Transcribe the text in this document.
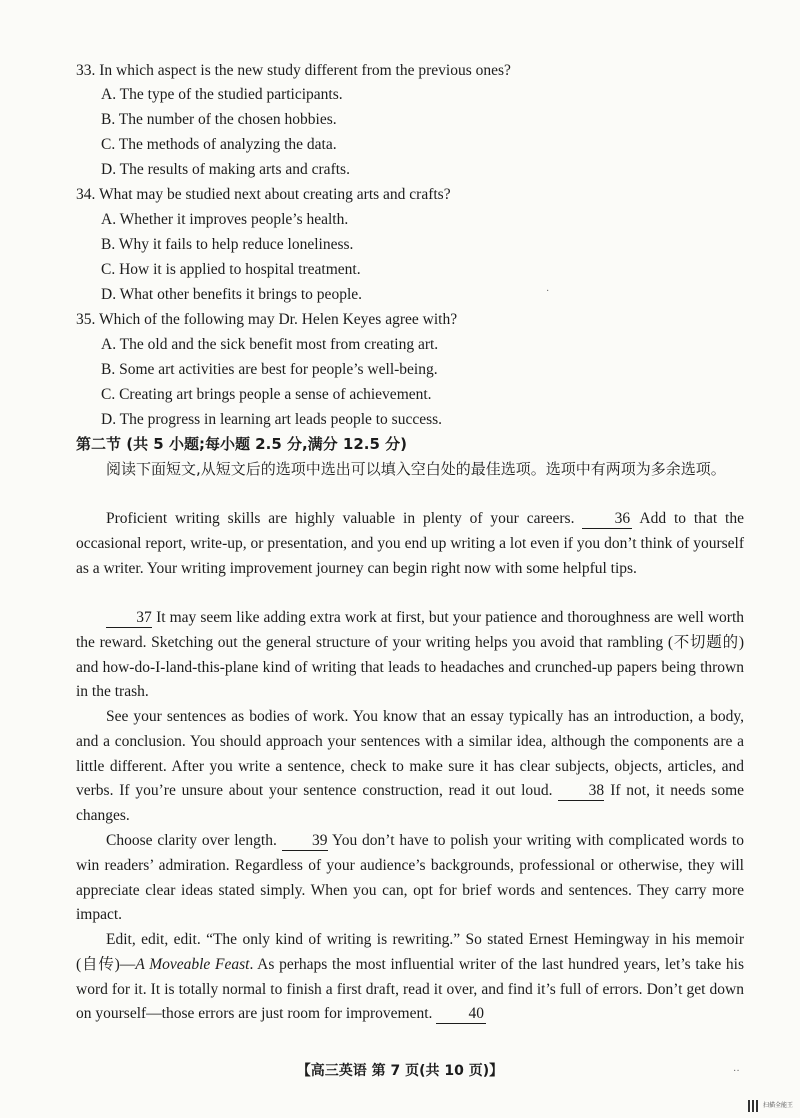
33. In which aspect is the new study different from the previous ones?
A. The type of the studied participants.
B. The number of the chosen hobbies.
C. The methods of analyzing the data.
D. The results of making arts and crafts.
34. What may be studied next about creating arts and crafts?
A. Whether it improves people’s health.
B. Why it fails to help reduce loneliness.
C. How it is applied to hospital treatment.
D. What other benefits it brings to people.
35. Which of the following may Dr. Helen Keyes agree with?
A. The old and the sick benefit most from creating art.
B. Some art activities are best for people’s well-being.
C. Creating art brings people a sense of achievement.
D. The progress in learning art leads people to success.
第二节 (共 5 小题;每小题 2.5 分,满分 12.5 分)
阅读下面短文,从短文后的选项中选出可以填入空白处的最佳选项。选项中有两项为多余选项。
Proficient writing skills are highly valuable in plenty of your careers.	36 Add to that the occasional report, write-up, or presentation, and you end up writing a lot even if you don’t think of yourself as a writer. Your writing improvement journey can begin right now with some helpful tips.
37 It may seem like adding extra work at first, but your patience and thoroughness are well worth the reward. Sketching out the general structure of your writing helps you avoid that rambling (不切题的) and how-do-I-land-this-plane kind of writing that leads to headaches and crunched-up papers being thrown in the trash.
See your sentences as bodies of work. You know that an essay typically has an introduction, a body, and a conclusion. You should approach your sentences with a similar idea, although the components are a little different. After you write a sentence, check to make sure it has clear subjects, objects, articles, and verbs. If you’re unsure about your sentence construction, read it out loud. 38 If not, it needs some changes.
Choose clarity over length. 39 You don’t have to polish your writing with complicated words to win readers’ admiration. Regardless of your audience’s backgrounds, professional or otherwise, they will appreciate clear ideas stated simply. When you can, opt for brief words and sentences. They carry more impact.
Edit, edit, edit. “The only kind of writing is rewriting.” So stated Ernest Hemingway in his memoir (自传)—A Moveable Feast. As perhaps the most influential writer of the last hundred years, let’s take his word for it. It is totally normal to finish a first draft, read it over, and find it’s full of errors. Don’t get down on yourself—those errors are just room for improvement. 40
【高三英语 第 7 页(共 10 页)】
·
··
扫描全能王
